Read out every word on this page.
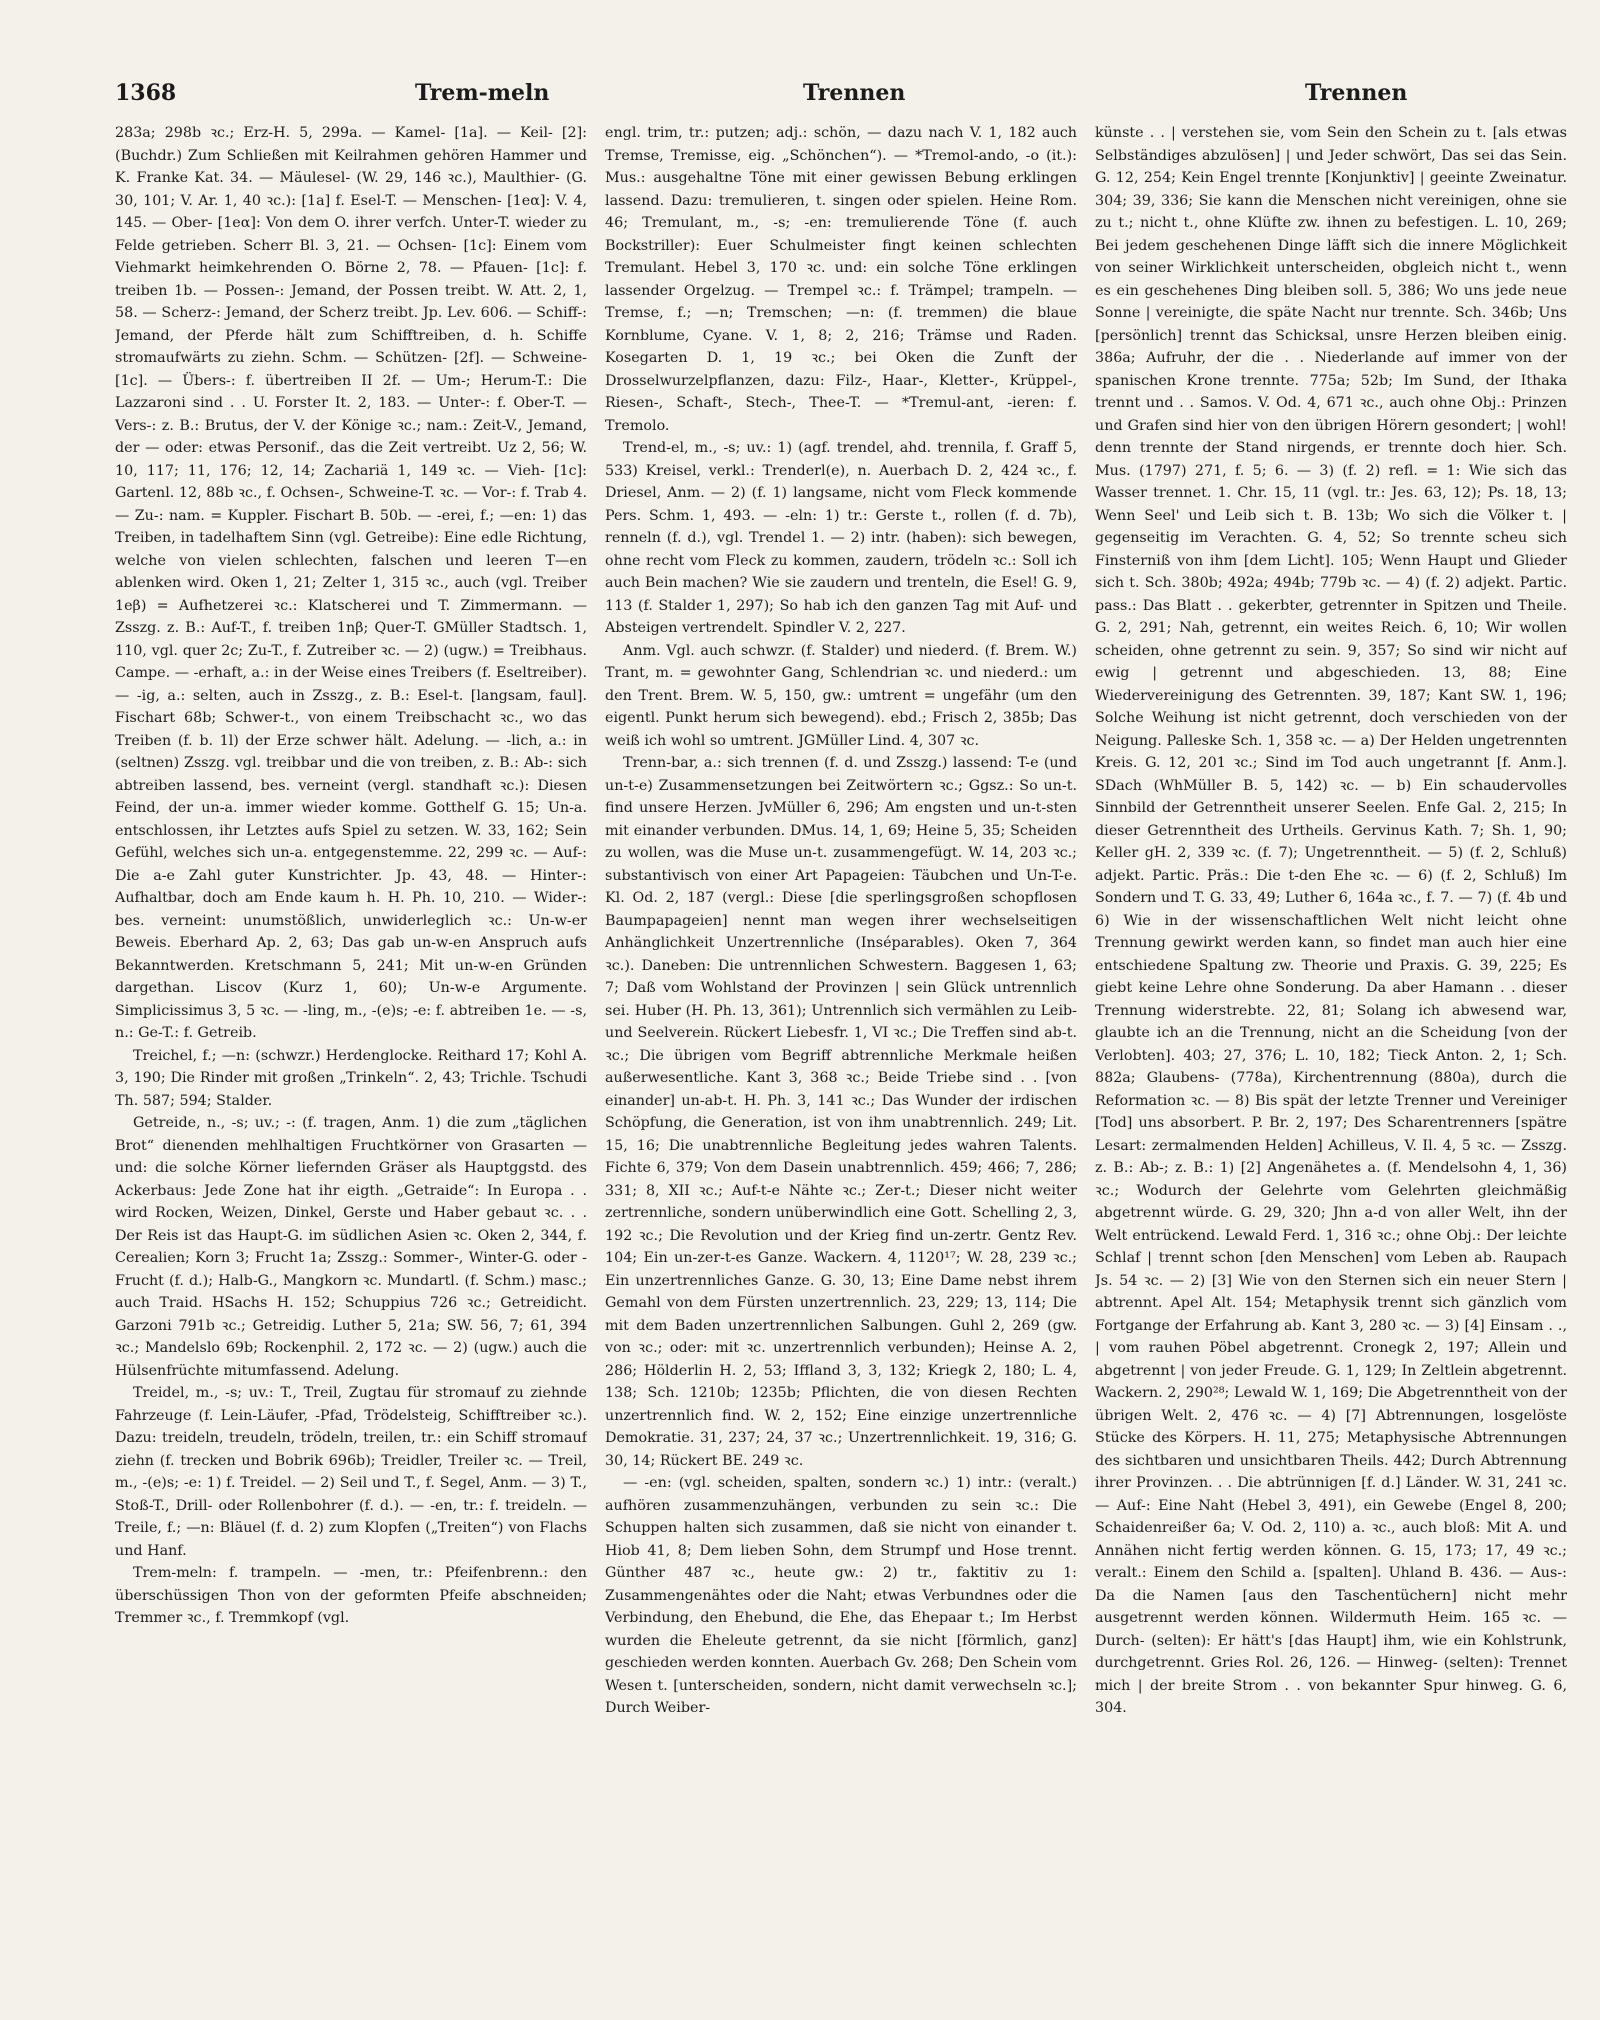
1368	Trem-meln	Trennen	Trennen

283a; 298b ꝛc.; Erz-H. 5, 299a. — Kamel- [1a]. — Keil- [2]: (Buchdr.) Zum Schließen mit Keilrahmen gehören Hammer und K. Franke Kat. 34. — Mäulesel- (W. 29, 146 ꝛc.), Maulthier- (G. 30, 101; V. Ar. 1, 40 ꝛc.): [1a] f. Esel-T. — Menschen- [1eα]: V. 4, 145. — Ober- [1eα]: Von dem O. ihrer verfch. Unter-T. wieder zu Felde getrieben. Scherr Bl. 3, 21. — Ochsen- [1c]: Einem vom Viehmarkt heimkehrenden O. Börne 2, 78. — Pfauen- [1c]: f. treiben 1b. — Possen-: Jemand, der Possen treibt. W. Att. 2, 1, 58. — Scherz-: Jemand, der Scherz treibt. Jp. Lev. 606. — Schiff-: Jemand, der Pferde hält zum Schifftreiben, d. h. Schiffe stromaufwärts zu ziehn. Schm. — Schützen- [2f]. — Schweine- [1c]. — Übers-: f. übertreiben II 2f. — Um-; Herum-T.: Die Lazzaroni sind . . U. Forster It. 2, 183. — Unter-: f. Ober-T. — Vers-: z. B.: Brutus, der V. der Könige ꝛc.; nam.: Zeit-V., Jemand, der — oder: etwas Personif., das die Zeit vertreibt. Uz 2, 56; W. 10, 117; 11, 176; 12, 14; Zachariä 1, 149 ꝛc. — Vieh- [1c]: Gartenl. 12, 88b ꝛc., f. Ochsen-, Schweine-T. ꝛc. — Vor-: f. Trab 4. — Zu-: nam. = Kuppler. Fischart B. 50b. — -erei, f.; —en: 1) das Treiben, in tadelhaftem Sinn (vgl. Getreibe): Eine edle Richtung, welche von vielen schlechten, falschen und leeren T—en ablenken wird. Oken 1, 21; Zelter 1, 315 ꝛc., auch (vgl. Treiber 1eβ) = Aufhetzerei ꝛc.: Klatscherei und T. Zimmermann. — Zsszg. z. B.: Auf-T., f. treiben 1nβ; Quer-T. GMüller Stadtsch. 1, 110, vgl. quer 2c; Zu-T., f. Zutreiber ꝛc. — 2) (ugw.) = Treibhaus. Campe. — -erhaft, a.: in der Weise eines Treibers (f. Eseltreiber). — -ig, a.: selten, auch in Zsszg., z. B.: Esel-t. [langsam, faul]. Fischart 68b; Schwer-t., von einem Treibschacht ꝛc., wo das Treiben (f. b. 1l) der Erze schwer hält. Adelung. — -lich, a.: in (seltnen) Zsszg. vgl. treibbar und die von treiben, z. B.: Ab-: sich abtreiben lassend, bes. verneint (vergl. standhaft ꝛc.): Diesen Feind, der un-a. immer wieder komme. Gotthelf G. 15; Un-a. entschlossen, ihr Letztes aufs Spiel zu setzen. W. 33, 162; Sein Gefühl, welches sich un-a. entgegenstemme. 22, 299 ꝛc. — Auf-: Die a-e Zahl guter Kunstrichter. Jp. 43, 48. — Hinter-: Aufhaltbar, doch am Ende kaum h. H. Ph. 10, 210. — Wider-: bes. verneint: unumstößlich, unwiderleglich ꝛc.: Un-w-er Beweis. Eberhard Ap. 2, 63; Das gab un-w-en Anspruch aufs Bekanntwerden. Kretschmann 5, 241; Mit un-w-en Gründen dargethan. Liscov (Kurz 1, 60); Un-w-e Argumente. Simplicissimus 3, 5 ꝛc. — -ling, m., -(e)s; -e: f. abtreiben 1e. — -s, n.: Ge-T.: f. Getreib.

Treichel, f.; —n: (schwzr.) Herdenglocke. Reithard 17; Kohl A. 3, 190; Die Rinder mit großen „Trinkeln“. 2, 43; Trichle. Tschudi Th. 587; 594; Stalder.

Getreide, n., -s; uv.; -: (f. tragen, Anm. 1) die zum „täglichen Brot“ dienenden mehlhaltigen Fruchtkörner von Grasarten — und: die solche Körner liefernden Gräser als Hauptggstd. des Ackerbaus: Jede Zone hat ihr eigth. „Getraide“: In Europa . . wird Rocken, Weizen, Dinkel, Gerste und Haber gebaut ꝛc. . . Der Reis ist das Haupt-G. im südlichen Asien ꝛc. Oken 2, 344, f. Cerealien; Korn 3; Frucht 1a; Zsszg.: Sommer-, Winter-G. oder -Frucht (f. d.); Halb-G., Mangkorn ꝛc. Mundartl. (f. Schm.) masc.; auch Traid. HSachs H. 152; Schuppius 726 ꝛc.; Getreidicht. Garzoni 791b ꝛc.; Getreidig. Luther 5, 21a; SW. 56, 7; 61, 394 ꝛc.; Mandelslo 69b; Rockenphil. 2, 172 ꝛc. — 2) (ugw.) auch die Hülsenfrüchte mitumfassend. Adelung.

Treidel, m., -s; uv.: T., Treil, Zugtau für stromauf zu ziehnde Fahrzeuge (f. Lein-Läufer, -Pfad, Trödelsteig, Schifftreiber ꝛc.). Dazu: treideln, treudeln, trödeln, treilen, tr.: ein Schiff stromauf ziehn (f. trecken und Bobrik 696b); Treidler, Treiler ꝛc. — Treil, m., -(e)s; -e: 1) f. Treidel. — 2) Seil und T., f. Segel, Anm. — 3) T., Stoß-T., Drill- oder Rollenbohrer (f. d.). — -en, tr.: f. treideln. — Treile, f.; —n: Bläuel (f. d. 2) zum Klopfen („Treiten“) von Flachs und Hanf.

Trem-meln: f. trampeln. — -men, tr.: Pfeifenbrenn.: den überschüssigen Thon von der geformten Pfeife abschneiden; Tremmer ꝛc., f. Tremmkopf (vgl.

engl. trim, tr.: putzen; adj.: schön, — dazu nach V. 1, 182 auch Tremse, Tremisse, eig. „Schönchen“). — *Tremol-ando, -o (it.): Mus.: ausgehaltne Töne mit einer gewissen Bebung erklingen lassend. Dazu: tremulieren, t. singen oder spielen. Heine Rom. 46; Tremulant, m., -s; -en: tremulierende Töne (f. auch Bockstriller): Euer Schulmeister fingt keinen schlechten Tremulant. Hebel 3, 170 ꝛc. und: ein solche Töne erklingen lassender Orgelzug. — Trempel ꝛc.: f. Trämpel; trampeln. — Tremse, f.; —n; Tremschen; —n: (f. tremmen) die blaue Kornblume, Cyane. V. 1, 8; 2, 216; Trämse und Raden. Kosegarten D. 1, 19 ꝛc.; bei Oken die Zunft der Drosselwurzelpflanzen, dazu: Filz-, Haar-, Kletter-, Krüppel-, Riesen-, Schaft-, Stech-, Thee-T. — *Tremul-ant, -ieren: f. Tremolo.

Trend-el, m., -s; uv.: 1) (agf. trendel, ahd. trennila, f. Graff 5, 533) Kreisel, verkl.: Trenderl(e), n. Auerbach D. 2, 424 ꝛc., f. Driesel, Anm. — 2) (f. 1) langsame, nicht vom Fleck kommende Pers. Schm. 1, 493. — -eln: 1) tr.: Gerste t., rollen (f. d. 7b), renneln (f. d.), vgl. Trendel 1. — 2) intr. (haben): sich bewegen, ohne recht vom Fleck zu kommen, zaudern, trödeln ꝛc.: Soll ich auch Bein machen? Wie sie zaudern und trenteln, die Esel! G. 9, 113 (f. Stalder 1, 297); So hab ich den ganzen Tag mit Auf- und Absteigen vertrendelt. Spindler V. 2, 227.

Anm. Vgl. auch schwzr. (f. Stalder) und niederd. (f. Brem. W.) Trant, m. = gewohnter Gang, Schlendrian ꝛc. und niederd.: um den Trent. Brem. W. 5, 150, gw.: umtrent = ungefähr (um den eigentl. Punkt herum sich bewegend). ebd.; Frisch 2, 385b; Das weiß ich wohl so umtrent. JGMüller Lind. 4, 307 ꝛc.

Trenn-bar, a.: sich trennen (f. d. und Zsszg.) lassend: T-e (und un-t-e) Zusammensetzungen bei Zeitwörtern ꝛc.; Ggsz.: So un-t. find unsere Herzen. JvMüller 6, 296; Am engsten und un-t-sten mit einander verbunden. DMus. 14, 1, 69; Heine 5, 35; Scheiden zu wollen, was die Muse un-t. zusammengefügt. W. 14, 203 ꝛc.; substantivisch von einer Art Papageien: Täubchen und Un-T-e. Kl. Od. 2, 187 (vergl.: Diese [die sperlingsgroßen schopflosen Baumpapageien] nennt man wegen ihrer wechselseitigen Anhänglichkeit Unzertrennliche (Inséparables). Oken 7, 364 ꝛc.). Daneben: Die untrennlichen Schwestern. Baggesen 1, 63; 7; Daß vom Wohlstand der Provinzen | sein Glück untrennlich sei. Huber (H. Ph. 13, 361); Untrennlich sich vermählen zu Leib- und Seelverein. Rückert Liebesfr. 1, VI ꝛc.; Die Treffen sind ab-t. ꝛc.; Die übrigen vom Begriff abtrennliche Merkmale heißen außerwesentliche. Kant 3, 368 ꝛc.; Beide Triebe sind . . [von einander] un-ab-t. H. Ph. 3, 141 ꝛc.; Das Wunder der irdischen Schöpfung, die Generation, ist von ihm unabtrennlich. 249; Lit. 15, 16; Die unabtrennliche Begleitung jedes wahren Talents. Fichte 6, 379; Von dem Dasein unabtrennlich. 459; 466; 7, 286; 331; 8, XII ꝛc.; Auf-t-e Nähte ꝛc.; Zer-t.; Dieser nicht weiter zertrennliche, sondern unüberwindlich eine Gott. Schelling 2, 3, 192 ꝛc.; Die Revolution und der Krieg find un-zertr. Gentz Rev. 104; Ein un-zer-t-es Ganze. Wackern. 4, 1120¹⁷; W. 28, 239 ꝛc.; Ein unzertrennliches Ganze. G. 30, 13; Eine Dame nebst ihrem Gemahl von dem Fürsten unzertrennlich. 23, 229; 13, 114; Die mit dem Baden unzertrennlichen Salbungen. Guhl 2, 269 (gw. von ꝛc.; oder: mit ꝛc. unzertrennlich verbunden); Heinse A. 2, 286; Hölderlin H. 2, 53; Iffland 3, 3, 132; Kriegk 2, 180; L. 4, 138; Sch. 1210b; 1235b; Pflichten, die von diesen Rechten unzertrennlich find. W. 2, 152; Eine einzige unzertrennliche Demokratie. 31, 237; 24, 37 ꝛc.; Unzertrennlichkeit. 19, 316; G. 30, 14; Rückert BE. 249 ꝛc.

— -en: (vgl. scheiden, spalten, sondern ꝛc.) 1) intr.: (veralt.) aufhören zusammenzuhängen, verbunden zu sein ꝛc.: Die Schuppen halten sich zusammen, daß sie nicht von einander t. Hiob 41, 8; Dem lieben Sohn, dem Strumpf und Hose trennt. Günther 487 ꝛc., heute gw.: 2) tr., faktitiv zu 1: Zusammengenähtes oder die Naht; etwas Verbundnes oder die Verbindung, den Ehebund, die Ehe, das Ehepaar t.; Im Herbst wurden die Eheleute getrennt, da sie nicht [förmlich, ganz] geschieden werden konnten. Auerbach Gv. 268; Den Schein vom Wesen t. [unterscheiden, sondern, nicht damit verwechseln ꝛc.]; Durch Weiber-

künste . . | verstehen sie, vom Sein den Schein zu t. [als etwas Selbständiges abzulösen] | und Jeder schwört, Das sei das Sein. G. 12, 254; Kein Engel trennte [Konjunktiv] | geeinte Zweinatur. 304; 39, 336; Sie kann die Menschen nicht vereinigen, ohne sie zu t.; nicht t., ohne Klüfte zw. ihnen zu befestigen. L. 10, 269; Bei jedem geschehenen Dinge läfft sich die innere Möglichkeit von seiner Wirklichkeit unterscheiden, obgleich nicht t., wenn es ein geschehenes Ding bleiben soll. 5, 386; Wo uns jede neue Sonne | vereinigte, die späte Nacht nur trennte. Sch. 346b; Uns [persönlich] trennt das Schicksal, unsre Herzen bleiben einig. 386a; Aufruhr, der die . . Niederlande auf immer von der spanischen Krone trennte. 775a; 52b; Im Sund, der Ithaka trennt und . . Samos. V. Od. 4, 671 ꝛc., auch ohne Obj.: Prinzen und Grafen sind hier von den übrigen Hörern gesondert; | wohl! denn trennte der Stand nirgends, er trennte doch hier. Sch. Mus. (1797) 271, f. 5; 6. — 3) (f. 2) refl. = 1: Wie sich das Wasser trennet. 1. Chr. 15, 11 (vgl. tr.: Jes. 63, 12); Ps. 18, 13; Wenn Seel' und Leib sich t. B. 13b; Wo sich die Völker t. | gegenseitig im Verachten. G. 4, 52; So trennte scheu sich Finsterniß von ihm [dem Licht]. 105; Wenn Haupt und Glieder sich t. Sch. 380b; 492a; 494b; 779b ꝛc. — 4) (f. 2) adjekt. Partic. pass.: Das Blatt . . gekerbter, getrennter in Spitzen und Theile. G. 2, 291; Nah, getrennt, ein weites Reich. 6, 10; Wir wollen scheiden, ohne getrennt zu sein. 9, 357; So sind wir nicht auf ewig | getrennt und abgeschieden. 13, 88; Eine Wiedervereinigung des Getrennten. 39, 187; Kant SW. 1, 196; Solche Weihung ist nicht getrennt, doch verschieden von der Neigung. Palleske Sch. 1, 358 ꝛc. — a) Der Helden ungetrennten Kreis. G. 12, 201 ꝛc.; Sind im Tod auch ungetrannt [f. Anm.]. SDach (WhMüller B. 5, 142) ꝛc. — b) Ein schaudervolles Sinnbild der Getrenntheit unserer Seelen. Enfe Gal. 2, 215; In dieser Getrenntheit des Urtheils. Gervinus Kath. 7; Sh. 1, 90; Keller gH. 2, 339 ꝛc. (f. 7); Ungetrenntheit. — 5) (f. 2, Schluß) adjekt. Partic. Präs.: Die t-den Ehe ꝛc. — 6) (f. 2, Schluß) Im Sondern und T. G. 33, 49; Luther 6, 164a ꝛc., f. 7. — 7) (f. 4b und 6) Wie in der wissenschaftlichen Welt nicht leicht ohne Trennung gewirkt werden kann, so findet man auch hier eine entschiedene Spaltung zw. Theorie und Praxis. G. 39, 225; Es giebt keine Lehre ohne Sonderung. Da aber Hamann . . dieser Trennung widerstrebte. 22, 81; Solang ich abwesend war, glaubte ich an die Trennung, nicht an die Scheidung [von der Verlobten]. 403; 27, 376; L. 10, 182; Tieck Anton. 2, 1; Sch. 882a; Glaubens- (778a), Kirchentrennung (880a), durch die Reformation ꝛc. — 8) Bis spät der letzte Trenner und Vereiniger [Tod] uns absorbert. P. Br. 2, 197; Des Scharentrenners [spätre Lesart: zermalmenden Helden] Achilleus, V. Il. 4, 5 ꝛc. — Zsszg. z. B.: Ab-; z. B.: 1) [2] Angenähetes a. (f. Mendelsohn 4, 1, 36) ꝛc.; Wodurch der Gelehrte vom Gelehrten gleichmäßig abgetrennt würde. G. 29, 320; Jhn a-d von aller Welt, ihn der Welt entrückend. Lewald Ferd. 1, 316 ꝛc.; ohne Obj.: Der leichte Schlaf | trennt schon [den Menschen] vom Leben ab. Raupach Js. 54 ꝛc. — 2) [3] Wie von den Sternen sich ein neuer Stern | abtrennt. Apel Alt. 154; Metaphysik trennt sich gänzlich vom Fortgange der Erfahrung ab. Kant 3, 280 ꝛc. — 3) [4] Einsam . ., | vom rauhen Pöbel abgetrennt. Cronegk 2, 197; Allein und abgetrennt | von jeder Freude. G. 1, 129; In Zeltlein abgetrennt. Wackern. 2, 290²⁸; Lewald W. 1, 169; Die Abgetrenntheit von der übrigen Welt. 2, 476 ꝛc. — 4) [7] Abtrennungen, losgelöste Stücke des Körpers. H. 11, 275; Metaphysische Abtrennungen des sichtbaren und unsichtbaren Theils. 442; Durch Abtrennung ihrer Provinzen. . . Die abtrünnigen [f. d.] Länder. W. 31, 241 ꝛc. — Auf-: Eine Naht (Hebel 3, 491), ein Gewebe (Engel 8, 200; Schaidenreißer 6a; V. Od. 2, 110) a. ꝛc., auch bloß: Mit A. und Annähen nicht fertig werden können. G. 15, 173; 17, 49 ꝛc.; veralt.: Einem den Schild a. [spalten]. Uhland B. 436. — Aus-: Da die Namen [aus den Taschentüchern] nicht mehr ausgetrennt werden können. Wildermuth Heim. 165 ꝛc. — Durch- (selten): Er hätt's [das Haupt] ihm, wie ein Kohlstrunk, durchgetrennt. Gries Rol. 26, 126. — Hinweg- (selten): Trennet mich | der breite Strom . . von bekannter Spur hinweg. G. 6, 304.
